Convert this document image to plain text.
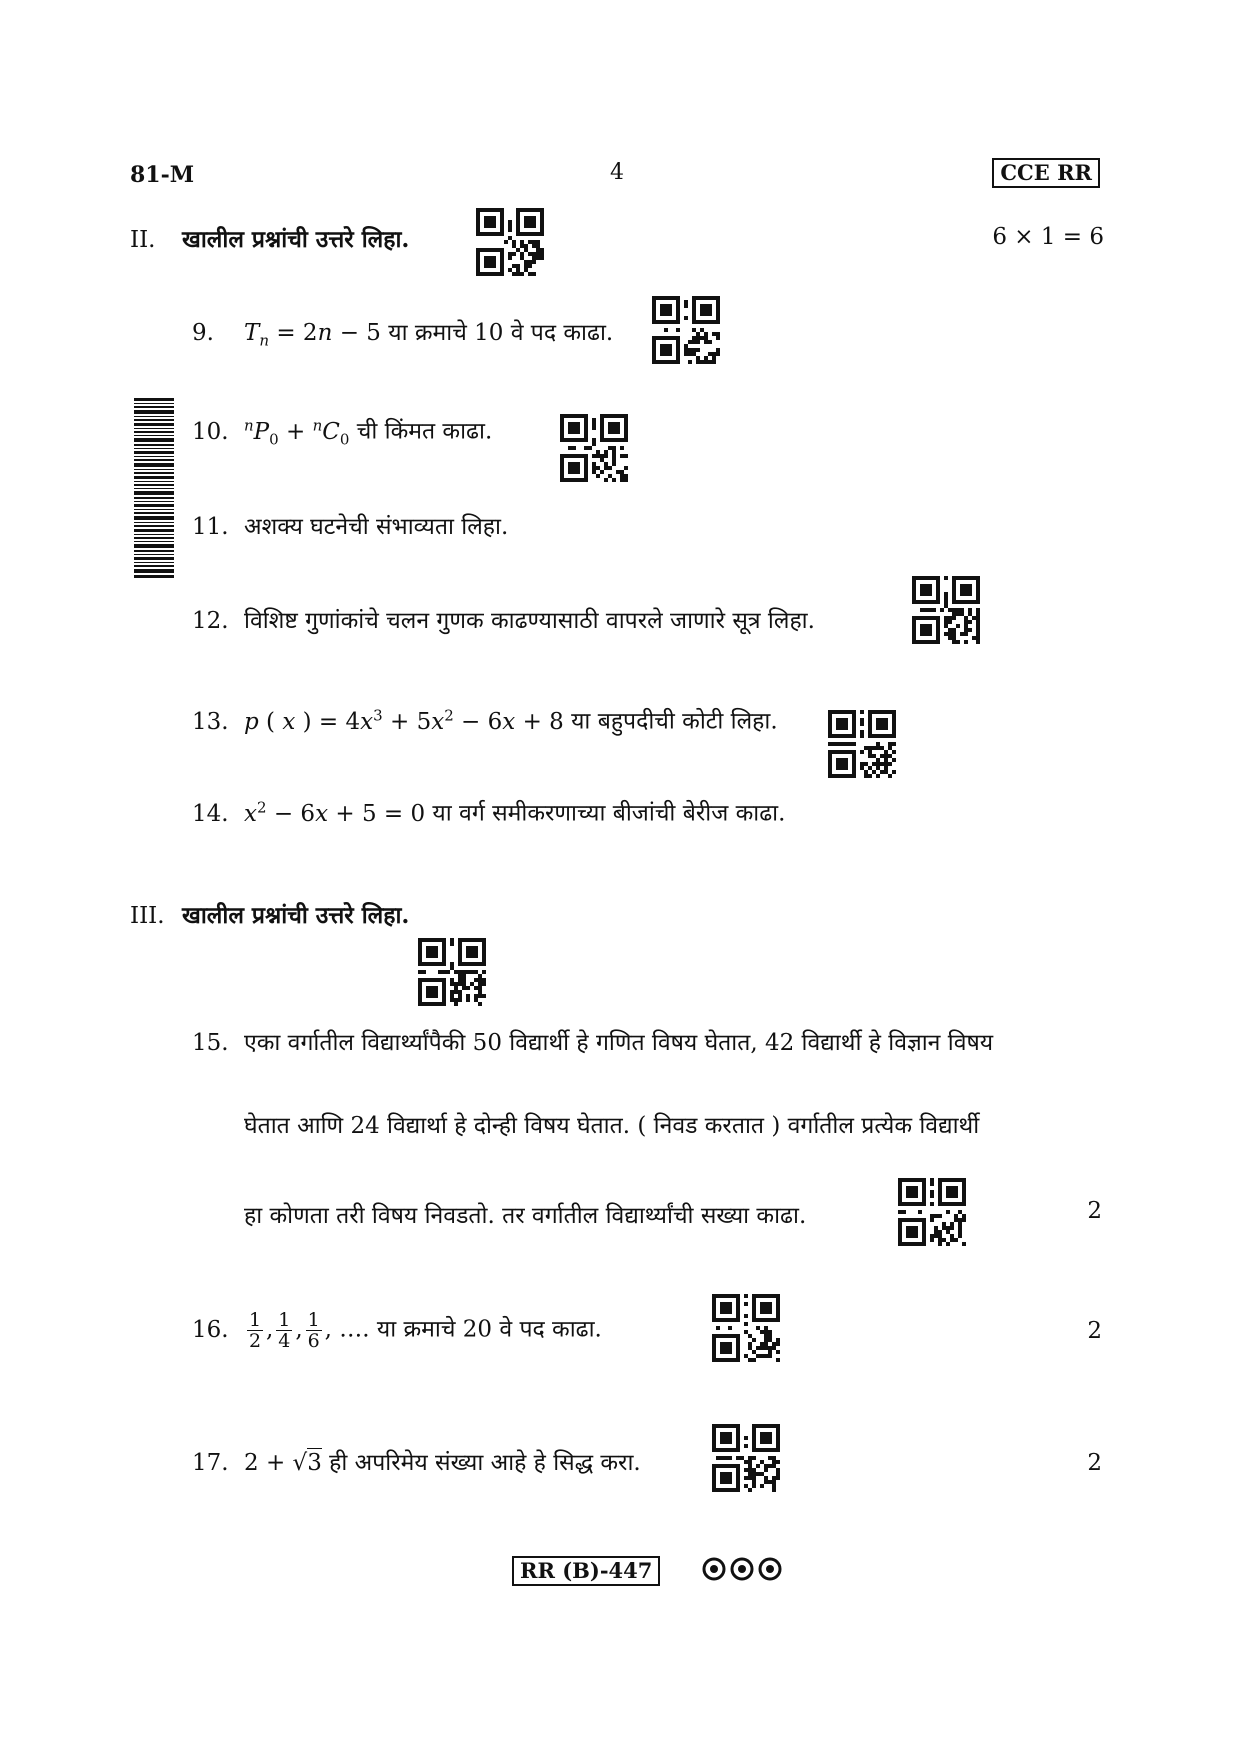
81-M	4	CCE RR
II. खालील प्रश्नांची उत्तरे लिहा.	6 × 1 = 6
9. $T_n = 2n - 5$ या क्रमाचे 10 वे पद काढा.
10. $^nP_0 + ^nC_0$ ची किंमत काढा.
11. अशक्य घटनेची संभाव्यता लिहा.
12. विशिष्ट गुणांकांचे चलन गुणक काढण्यासाठी वापरले जाणारे सूत्र लिहा.
13. p ( x ) = $4x^3 + 5x^2 - 6x + 8$ या बहुपदीची कोटी लिहा.
14. $x^2 - 6x + 5 = 0$ या वर्ग समीकरणाच्या बीजांची बेरीज काढा.
III. खालील प्रश्नांची उत्तरे लिहा.
15. एका वर्गातील विद्यार्थ्यांपैकी 50 विद्यार्थी हे गणित विषय घेतात, 42 विद्यार्थी हे विज्ञान विषय
घेतात आणि 24 विद्यार्था हे दोन्ही विषय घेतात. ( निवड करतात ) वर्गातील प्रत्येक विद्यार्थी
हा कोणता तरी विषय निवडतो. तर वर्गातील विद्यार्थ्यांची सख्या काढा.	2
16. $\frac{1}{2}$ , $\frac{1}{4}$ , $\frac{1}{6}$ , …. या क्रमाचे 20 वे पद काढा.	2
17. 2 + √3 ही अपरिमेय संख्या आहे हे सिद्ध करा.	2
RR (B)-447
